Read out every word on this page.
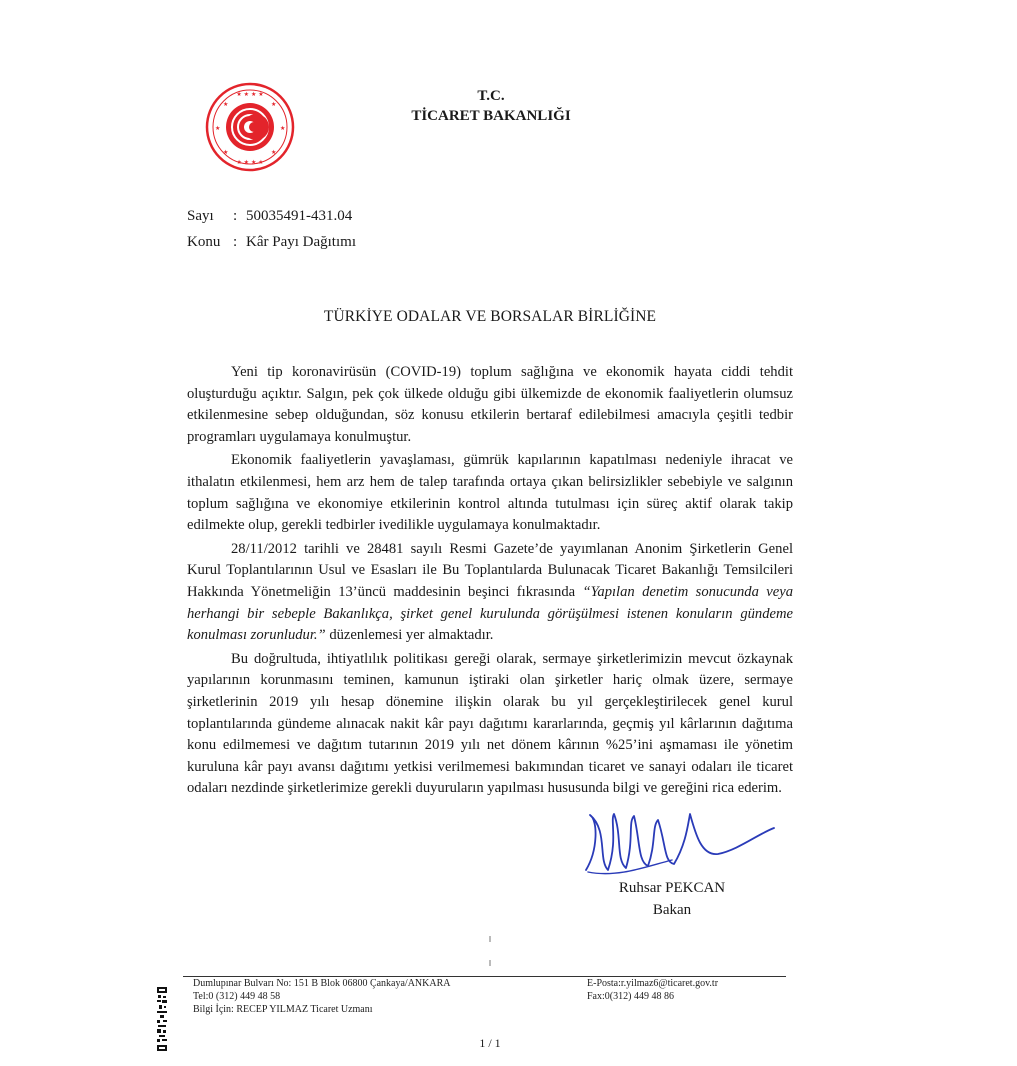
★ ★ ★ ★
★ ★ ★ ★
★	★
★	★
★	★
T.C.
TİCARET BAKANLIĞI
Sayı : 50035491-431.04
Konu : Kâr Payı Dağıtımı
TÜRKİYE ODALAR VE BORSALAR BİRLİĞİNE

Yeni tip koronavirüsün (COVID-19) toplum sağlığına ve ekonomik hayata ciddi tehdit oluşturduğu açıktır. Salgın, pek çok ülkede olduğu gibi ülkemizde de ekonomik faaliyetlerin olumsuz etkilenmesine sebep olduğundan, söz konusu etkilerin bertaraf edilebilmesi amacıyla çeşitli tedbir programları uygulamaya konulmuştur.

Ekonomik faaliyetlerin yavaşlaması, gümrük kapılarının kapatılması nedeniyle ihracat ve ithalatın etkilenmesi, hem arz hem de talep tarafında ortaya çıkan belirsizlikler sebebiyle ve salgının toplum sağlığına ve ekonomiye etkilerinin kontrol altında tutulması için süreç aktif olarak takip edilmekte olup, gerekli tedbirler ivedilikle uygulamaya konulmaktadır.

28/11/2012 tarihli ve 28481 sayılı Resmi Gazete’de yayımlanan Anonim Şirketlerin Genel Kurul Toplantılarının Usul ve Esasları ile Bu Toplantılarda Bulunacak Ticaret Bakanlığı Temsilcileri Hakkında Yönetmeliğin 13’üncü maddesinin beşinci fıkrasında “Yapılan denetim sonucunda veya herhangi bir sebeple Bakanlıkça, şirket genel kurulunda görüşülmesi istenen konuların gündeme konulması zorunludur.” düzenlemesi yer almaktadır.

Bu doğrultuda, ihtiyatlılık politikası gereği olarak, sermaye şirketlerimizin mevcut özkaynak yapılarının korunmasını teminen, kamunun iştiraki olan şirketler hariç olmak üzere, sermaye şirketlerinin 2019 yılı hesap dönemine ilişkin olarak bu yıl gerçekleştirilecek genel kurul toplantılarında gündeme alınacak nakit kâr payı dağıtımı kararlarında, geçmiş yıl kârlarının dağıtıma konu edilmemesi ve dağıtım tutarının 2019 yılı net dönem kârının %25’ini aşmaması ile yönetim kuruluna kâr payı avansı dağıtımı yetkisi verilmemesi bakımından ticaret ve sanayi odaları ile ticaret odaları nezdinde şirketlerimize gerekli duyuruların yapılması hususunda bilgi ve gereğini rica ederim.

Ruhsar PEKCAN
Bakan
Dumlupınar Bulvarı No: 151 B Blok 06800 Çankaya/ANKARA
Tel:0 (312) 449 48 58
Bilgi İçin: RECEP YILMAZ Ticaret Uzmanı
E-Posta:r.yilmaz6@ticaret.gov.tr
Fax:0(312) 449 48 86
1 / 1
